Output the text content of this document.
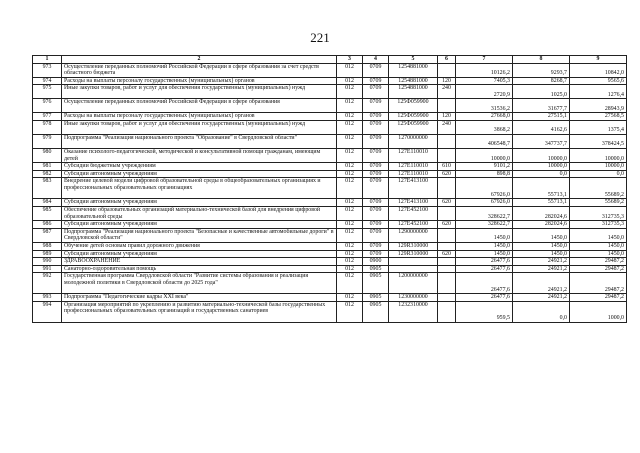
221
1	2	3	4	5	6	7	8	9
973	Осуществление переданных полномочий Российской Федерации в сфере образования за счет средств областного бюджета	012	0709	1254881000		10126,2	9293,7	10842,0
974	Расходы на выплаты персоналу государственных (муниципальных) органов	012	0709	1254881000	120	7405,3	8268,7	9565,6
975	Иные закупки товаров, работ и услуг для обеспечения государственных (муниципальных) нужд	012	0709	1254881000	240	2720,9	1025,0	1276,4
976	Осуществление переданных полномочий Российской Федерации в сфере образования	012	0709	125Ф059900		31536,2	31677,7	28943,9
977	Расходы на выплаты персоналу государственных (муниципальных) органов	012	0709	125Ф059900	120	27668,0	27515,1	27568,5
978	Иные закупки товаров, работ и услуг для обеспечения государственных (муниципальных) нужд	012	0709	125Ф059900	240	3868,2	4162,6	1375,4
979	Подпрограмма "Реализация национального проекта "Образование" в Свердловской области"	012	0709	1270000000		406548,7	347737,7	378424,5
980	Оказание психолого-педагогической, методической и консультативной помощи гражданам, имеющим детей	012	0709	127E110010		10000,0	10000,0	10000,0
981	Субсидии бюджетным учреждениям	012	0709	127E110010	610	9101,2	10000,0	10000,0
982	Субсидии автономным учреждениям	012	0709	127E110010	620	898,8	0,0	0,0
983	Внедрение целевой модели цифровой образовательной среды в общеобразовательных организациях и профессиональных образовательных организациях	012	0709	127E413100		67926,0	55713,1	55689,2
984	Субсидии автономным учреждениям	012	0709	127E413100	620	67926,0	55713,1	55689,2
985	Обеспечение образовательных организаций материально-технической базой для внедрения цифровой образовательной среды	012	0709	127E452100		328622,7	282024,6	312735,3
986	Субсидии автономным учреждениям	012	0709	127E452100	620	328622,7	282024,6	312735,3
987	Подпрограмма "Реализация национального проекта "Безопасные и качественные автомобильные дороги" в Свердловской области"	012	0709	1290000000		1450,0	1450,0	1450,0
988	Обучение детей основам правил дорожного движения	012	0709	129R310000		1450,0	1450,0	1450,0
989	Субсидии автономным учреждениям	012	0709	129R310000	620	1450,0	1450,0	1450,0
990	ЗДРАВООХРАНЕНИЕ	012	0900			26477,6	24921,2	29487,2
991	Санаторно-оздоровительная помощь	012	0905			26477,6	24921,2	29487,2
992	Государственная программа Свердловской области "Развитие системы образования и реализация молодежной политики в Свердловской области до 2025 года"	012	0905	1200000000		26477,6	24921,2	29487,2
993	Подпрограмма "Педагогические кадры XXI века"	012	0905	1230000000		26477,6	24921,2	29487,2
994	Организация мероприятий по укреплению и развитию материально-технической базы государственных профессиональных образовательных организаций и государственных санаториев	012	0905	1232310000		959,5	0,0	1000,0
